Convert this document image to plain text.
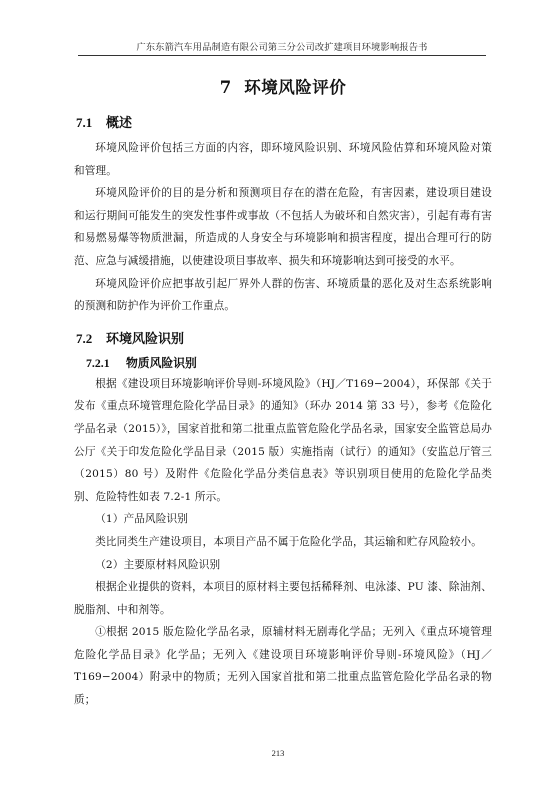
广东东箭汽车用品制造有限公司第三分公司改扩建项目环境影响报告书
7 环境风险评价
7.1 概述

环境风险评价包括三方面的内容，即环境风险识别、环境风险估算和环境风险对策和管理。

环境风险评价的目的是分析和预测项目存在的潜在危险，有害因素，建设项目建设和运行期间可能发生的突发性事件或事故（不包括人为破坏和自然灾害），引起有毒有害和易燃易爆等物质泄漏，所造成的人身安全与环境影响和损害程度，提出合理可行的防范、应急与减缓措施，以使建设项目事故率、损失和环境影响达到可接受的水平。

环境风险评价应把事故引起厂界外人群的伤害、环境质量的恶化及对生态系统影响的预测和防护作为评价工作重点。

7.2 环境风险识别
7.2.1 物质风险识别

根据《建设项目环境影响评价导则-环境风险》（HJ／T169−2004），环保部《关于发布《重点环境管理危险化学品目录》的通知》（环办 2014 第 33 号），参考《危险化学品名录（2015）》，国家首批和第二批重点监管危险化学品名录，国家安全监管总局办公厅《关于印发危险化学品目录（2015 版）实施指南（试行）的通知》（安监总厅管三（2015）80 号）及附件《危险化学品分类信息表》等识别项目使用的危险化学品类别、危险特性如表 7.2-1 所示。

（1）产品风险识别

类比同类生产建设项目，本项目产品不属于危险化学品，其运输和贮存风险较小。

（2）主要原材料风险识别

根据企业提供的资料，本项目的原材料主要包括稀释剂、电泳漆、PU 漆、除油剂、脱脂剂、中和剂等。

①根据 2015 版危险化学品名录，原辅材料无剧毒化学品；无列入《重点环境管理危险化学品目录》化学品；无列入《建设项目环境影响评价导则-环境风险》（HJ／T169−2004）附录中的物质；无列入国家首批和第二批重点监管危险化学品名录的物质；

213
